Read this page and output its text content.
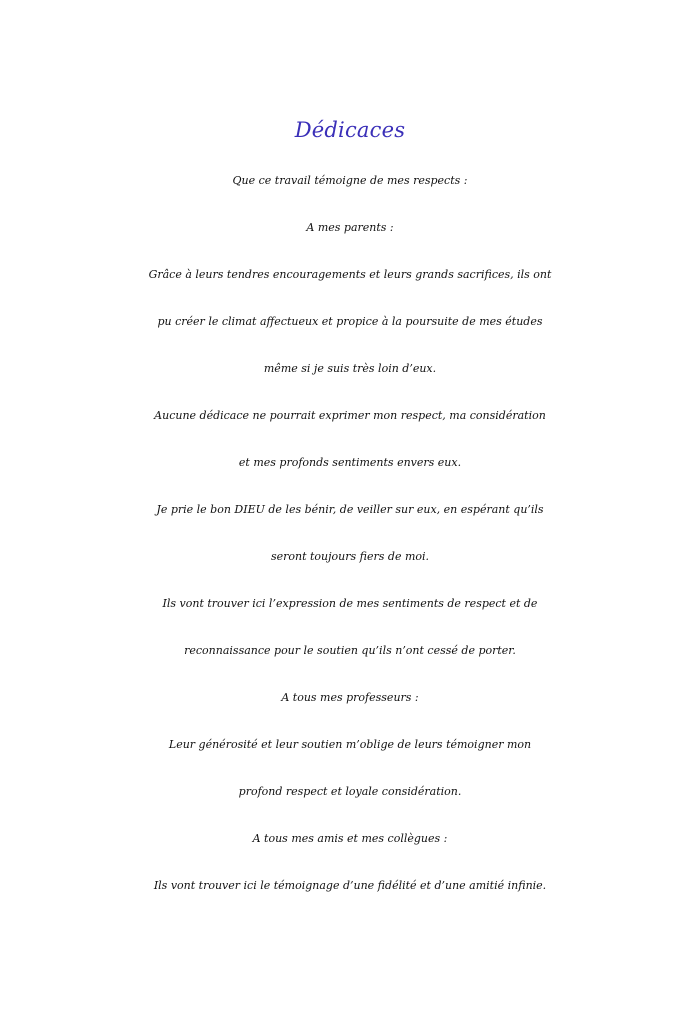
Dédicaces

Que ce travail témoigne de mes respects :

A mes parents :

Grâce à leurs tendres encouragements et leurs grands sacrifices, ils ont

pu créer le climat affectueux et propice à la poursuite de mes études

même si je suis très loin d’eux.

Aucune dédicace ne pourrait exprimer mon respect, ma considération

et mes profonds sentiments envers eux.

Je prie le bon DIEU de les bénir, de veiller sur eux, en espérant qu’ils

seront toujours fiers de moi.

Ils vont trouver ici l’expression de mes sentiments de respect et de

reconnaissance pour le soutien qu’ils n’ont cessé de porter.

A tous mes professeurs :

Leur générosité et leur soutien m’oblige de leurs témoigner mon

profond respect et loyale considération.

A tous mes amis et mes collègues :

Ils vont trouver ici le témoignage d’une fidélité et d’une amitié infinie.
